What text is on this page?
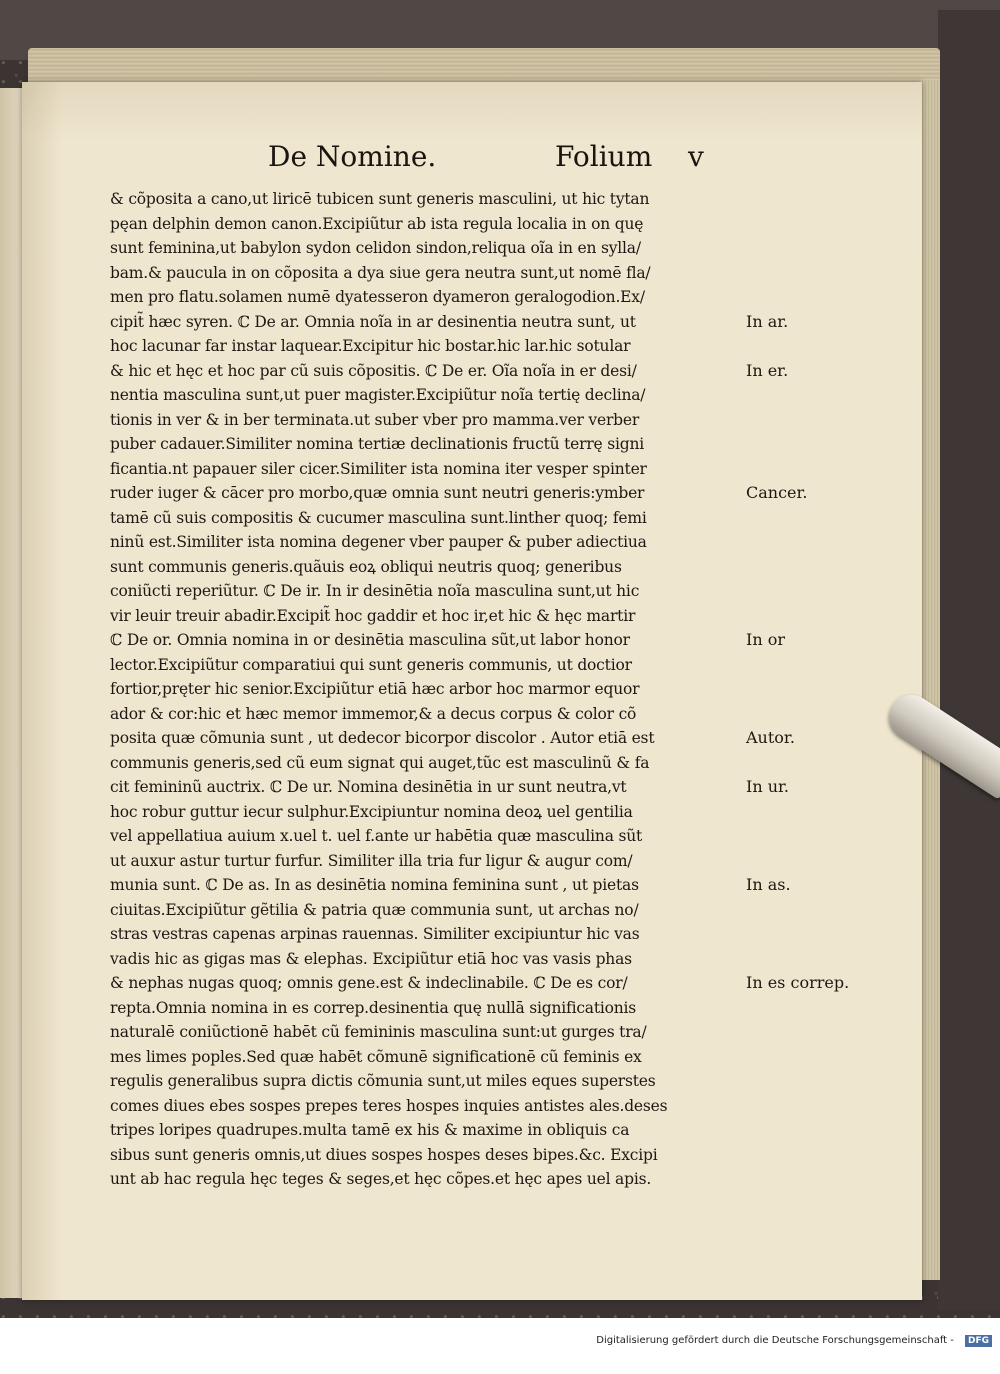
De Nomine.	Folium v
& cõposita a cano,ut liricē tubicen sunt generis masculini, ut hic tytan
pęan delphin demon canon.Excipiũtur ab ista regula localia in on quę
sunt feminina,ut babylon sydon celidon sindon,reliqua oĩa in en sylla/
bam.& paucula in on cõposita a dya siue gera neutra sunt,ut nomē fla/
men pro flatu.solamen numē dyatesseron dyameron geralogodion.Ex/
cipit̃ hæc syren. ℂ De ar. Omnia noĩa in ar desinentia neutra sunt, ut
hoc lacunar far instar laquear.Excipitur hic bostar.hic lar.hic sotular
& hic et hęc et hoc par cũ suis cõpositis. ℂ De er. Oĩa noĩa in er desi/
nentia masculina sunt,ut puer magister.Excipiũtur noĩa tertię declina/
tionis in ver & in ber terminata.ut suber vber pro mamma.ver verber
puber cadauer.Similiter nomina tertiæ declinationis fructũ terrę signi
ficantia.nt papauer siler cicer.Similiter ista nomina iter vesper spinter
ruder iuger & cācer pro morbo,quæ omnia sunt neutri generis:ymber
tamē cũ suis compositis & cucumer masculina sunt.linther quoq; femi
ninũ est.Similiter ista nomina degener vber pauper & puber adiectiua
sunt communis generis.quãuis eoꝝ obliqui neutris quoq; generibus
coniũcti reperiũtur. ℂ De ir. In ir desinētia noĩa masculina sunt,ut hic
vir leuir treuir abadir.Excipit̃ hoc gaddir et hoc ir,et hic & hęc martir
ℂ De or. Omnia nomina in or desinētia masculina sũt,ut labor honor
lector.Excipiũtur comparatiui qui sunt generis communis, ut doctior
fortior,pręter hic senior.Excipiũtur etiā hæc arbor hoc marmor equor
ador & cor:hic et hæc memor immemor,& a decus corpus & color cõ
posita quæ cõmunia sunt , ut dedecor bicorpor discolor . Autor etiā est
communis generis,sed cũ eum signat qui auget,tũc est masculinũ & fa
cit femininũ auctrix. ℂ De ur. Nomina desinētia in ur sunt neutra,vt
hoc robur guttur iecur sulphur.Excipiuntur nomina deoꝝ uel gentilia
vel appellatiua auium x.uel t. uel f.ante ur habētia quæ masculina sũt
ut auxur astur turtur furfur. Similiter illa tria fur ligur & augur com/
munia sunt. ℂ De as. In as desinētia nomina feminina sunt , ut pietas
ciuitas.Excipiũtur gẽtilia & patria quæ communia sunt, ut archas no/
stras vestras capenas arpinas rauennas. Similiter excipiuntur hic vas
vadis hic as gigas mas & elephas. Excipiũtur etiā hoc vas vasis phas
& nephas nugas quoq; omnis gene.est & indeclinabile. ℂ De es cor/
repta.Omnia nomina in es correp.desinentia quę nullā significationis
naturalē coniũctionē habēt cũ femininis masculina sunt:ut gurges tra/
mes limes poples.Sed quæ habēt cõmunē significationē cũ feminis ex
regulis generalibus supra dictis cõmunia sunt,ut miles eques superstes
comes diues ebes sospes prepes teres hospes inquies antistes ales.deses
tripes loripes quadrupes.multa tamē ex his & maxime in obliquis ca
sibus sunt generis omnis,ut diues sospes hospes deses bipes.&c. Excipi
unt ab hac regula hęc teges & seges,et hęc cõpes.et hęc apes uel apis.
In ar.
In er.
Cancer.
In or
Autor.
In ur.
In as.
In es correp.
Digitalisierung gefördert durch die Deutsche Forschungsgemeinschaft - DFG
